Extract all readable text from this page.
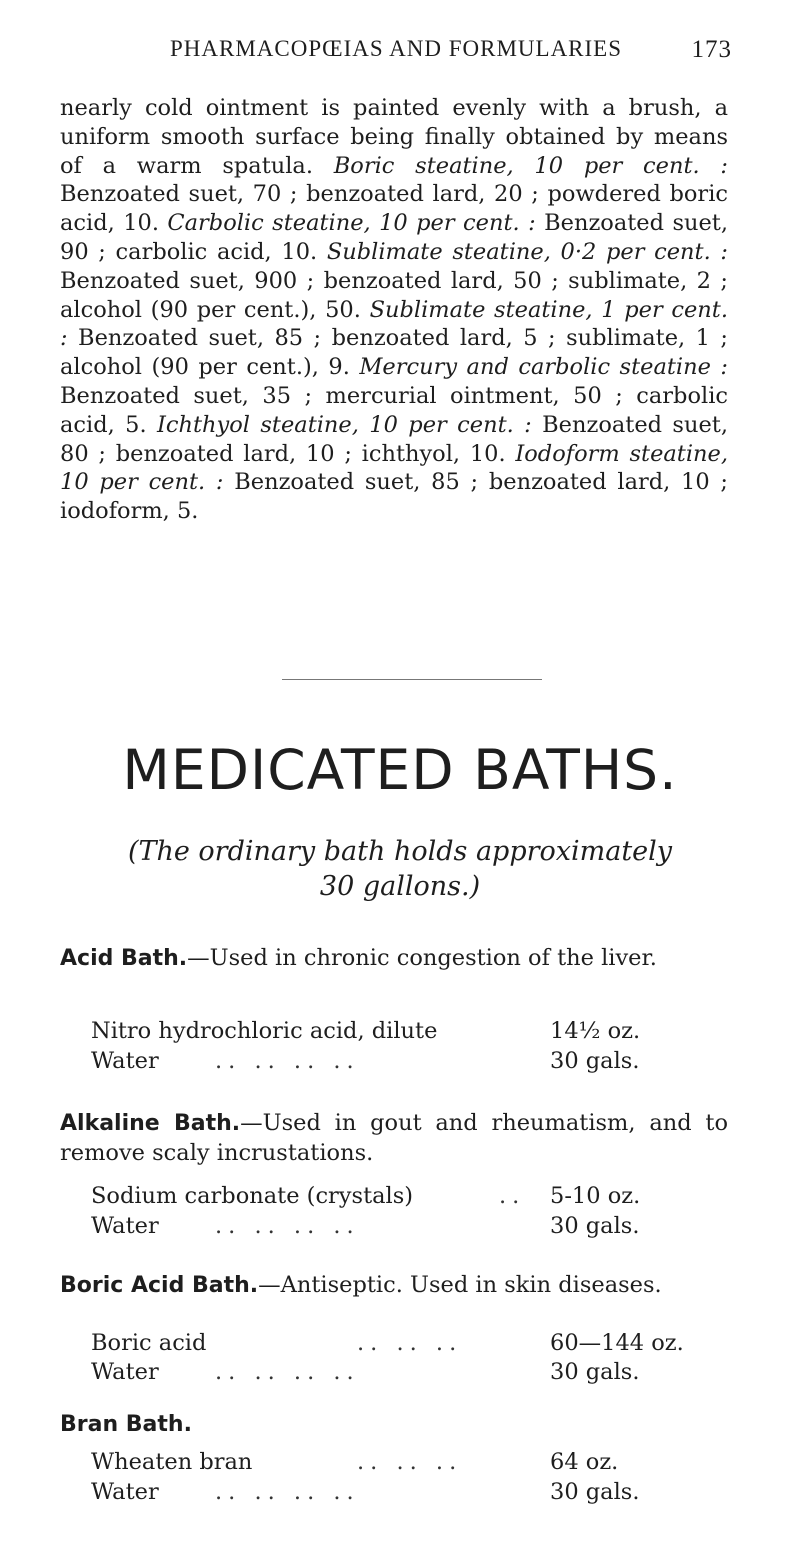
PHARMACOPŒIAS AND FORMULARIES	173
nearly cold ointment is painted evenly with a brush, a uniform smooth surface being finally obtained by means of a warm spatula. Boric steatine, 10 per cent. : Benzoated suet, 70 ; benzoated lard, 20 ; powdered boric acid, 10. Carbolic steatine, 10 per cent. : Benzoated suet, 90 ; carbolic acid, 10. Sublimate steatine, 0·2 per cent. : Benzoated suet, 900 ; benzoated lard, 50 ; sublimate, 2 ; alcohol (90 per cent.), 50. Sublimate steatine, 1 per cent. : Benzoated suet, 85 ; benzoated lard, 5 ; sublimate, 1 ; alcohol (90 per cent.), 9. Mercury and carbolic steatine : Benzoated suet, 35 ; mercurial ointment, 50 ; carbolic acid, 5. Ichthyol steatine, 10 per cent. : Benzoated suet, 80 ; benzoated lard, 10 ; ichthyol, 10. Iodoform steatine, 10 per cent. : Benzoated suet, 85 ; benzoated lard, 10 ; iodoform, 5.
MEDICATED BATHS.
(The ordinary bath holds approximately
30 gallons.)
Acid Bath.—Used in chronic congestion of the liver.
Nitro hydrochloric acid, dilute	14½ oz.
Water	.. .. .. ..	30 gals.
Alkaline Bath.—Used in gout and rheumatism, and to remove scaly incrustations.
Sodium carbonate (crystals)	.. 5-10 oz.
Water	.. .. .. ..	30 gals.
Boric Acid Bath.—Antiseptic. Used in skin diseases.
Boric acid	.. .. ..	60—144 oz.
Water	.. .. .. ..	30 gals.
Bran Bath.
Wheaten bran	.. .. ..	64 oz.
Water	.. .. .. ..	30 gals.
